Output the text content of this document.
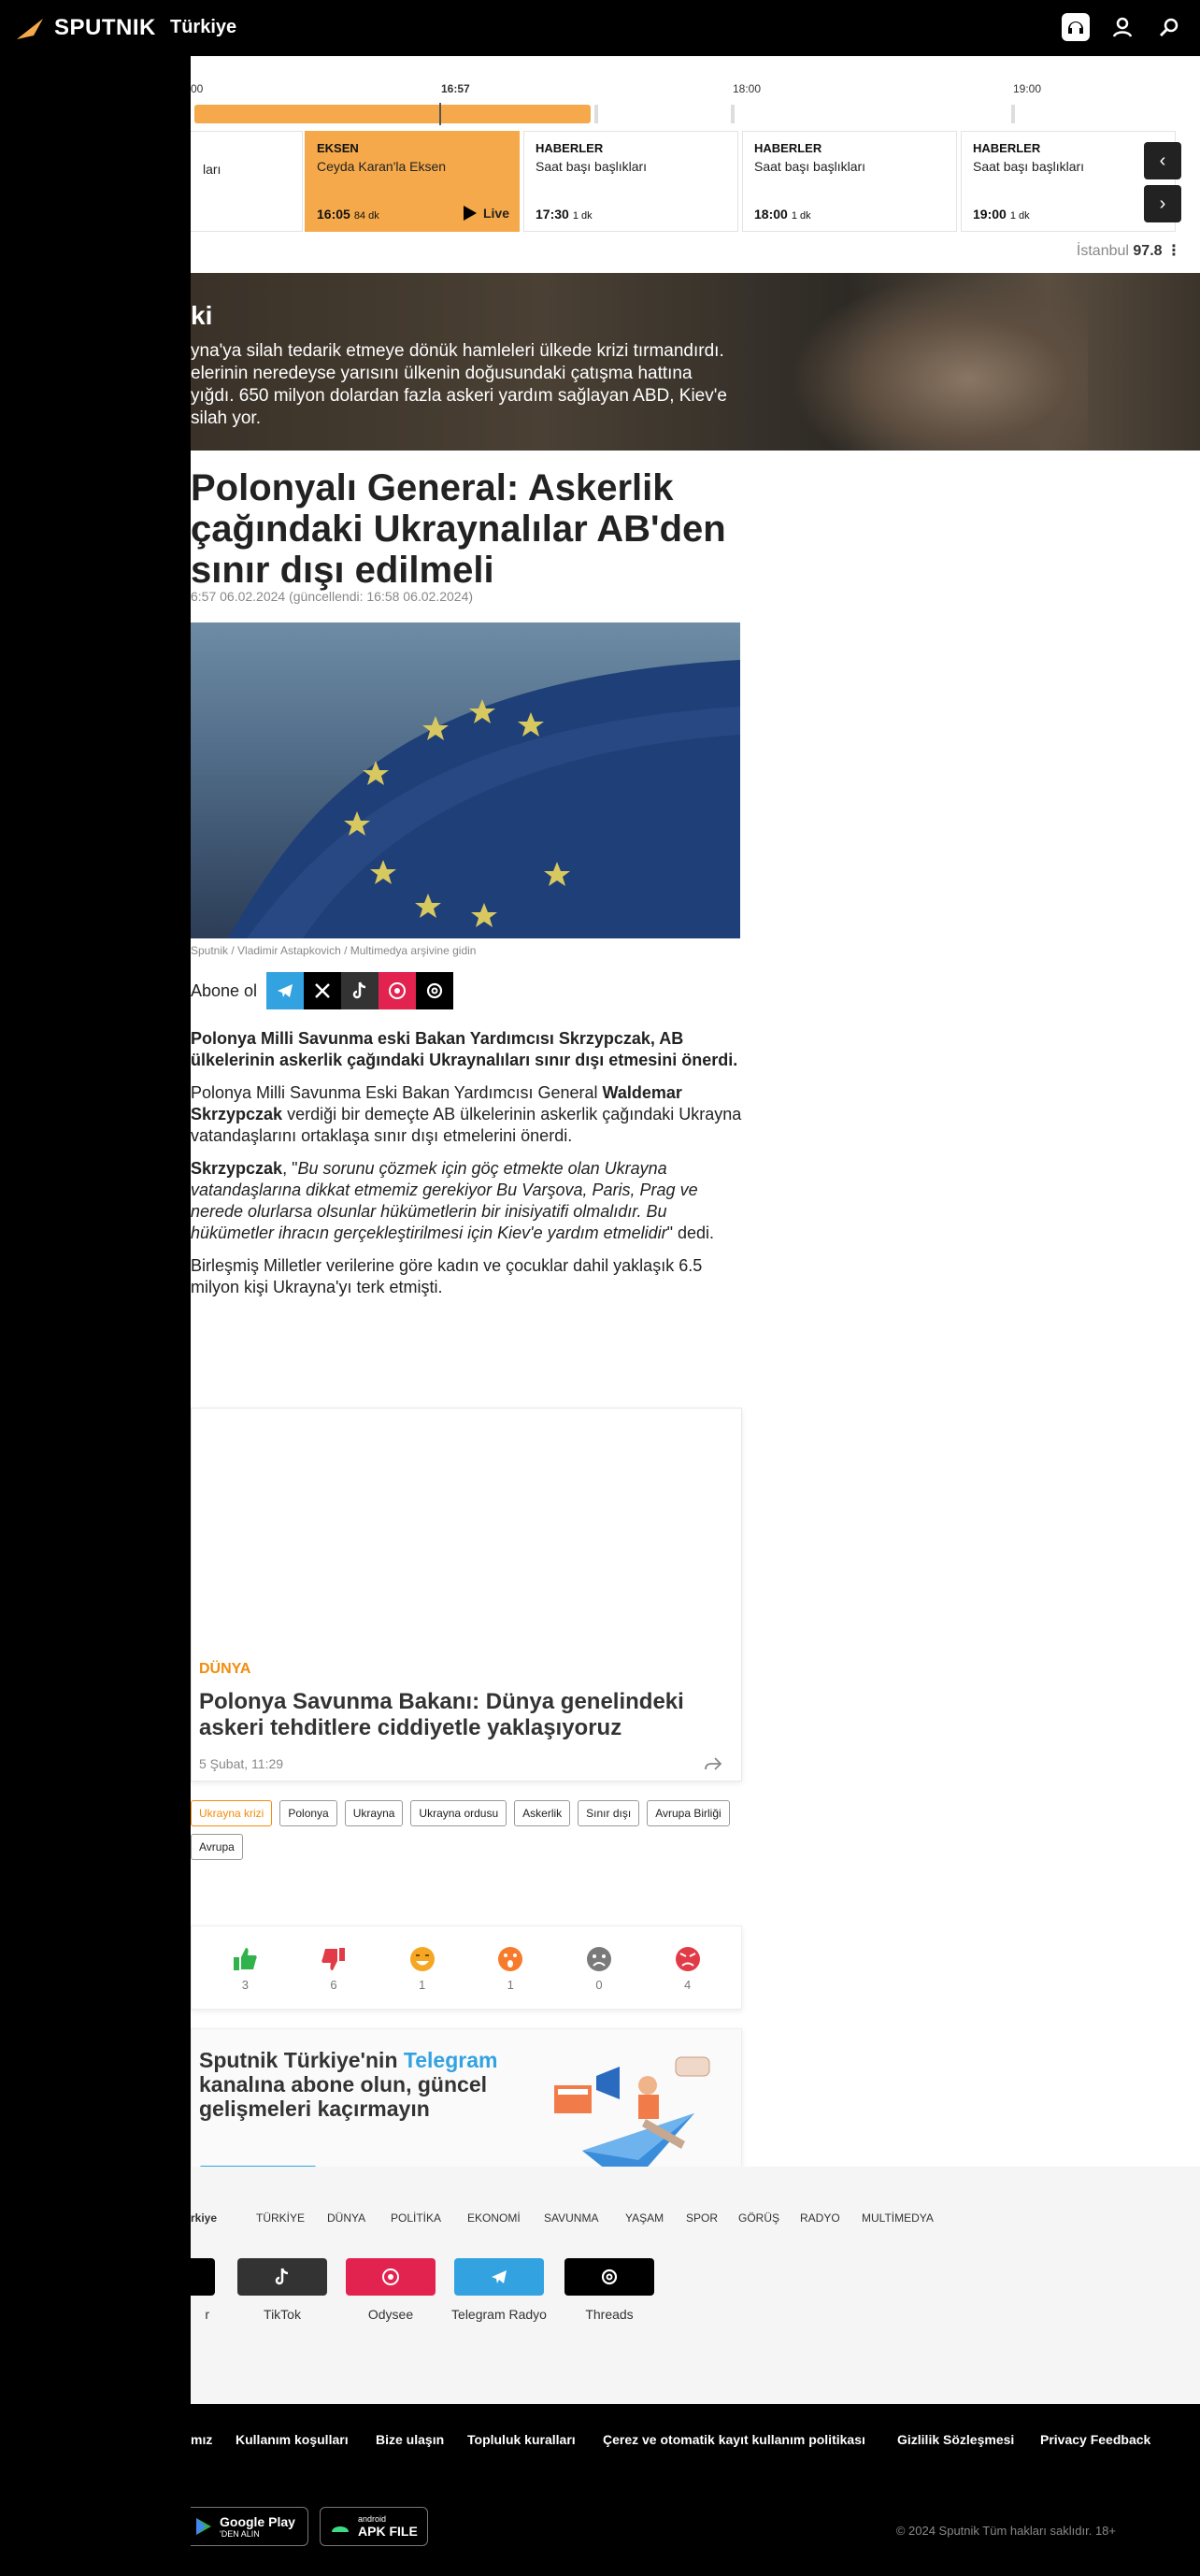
SPUTNIK Türkiye
00	16:57	18:00	19:00
ları
EKSEN
Ceyda Karan'la Eksen
16:05 84 dk	Live
HABERLER
Saat başı başlıkları
17:30 1 dk
HABERLER
Saat başı başlıkları
18:00 1 dk
HABERLER
Saat başı başlıkları
19:00 1 dk
‹
›
İstanbul 97.8 ⋮
ki

yna'ya silah tedarik etmeye dönük hamleleri ülkede krizi tırmandırdı. elerinin neredeyse yarısını ülkenin doğusundaki çatışma hattına yığdı. 650 milyon dolardan fazla askeri yardım sağlayan ABD, Kiev'e silah yor.

Polonyalı General: Askerlik çağındaki Ukraynalılar AB'den sınır dışı edilmeli
6:57 06.02.2024 (güncellendi: 16:58 06.02.2024)
Sputnik / Vladimir Astapkovich / Multimedya arşivine gidin
Abone ol

Polonya Milli Savunma eski Bakan Yardımcısı Skrzypczak, AB ülkelerinin askerlik çağındaki Ukraynalıları sınır dışı etmesini önerdi.

Polonya Milli Savunma Eski Bakan Yardımcısı General Waldemar Skrzypczak verdiği bir demeçte AB ülkelerinin askerlik çağındaki Ukrayna vatandaşlarını ortaklaşa sınır dışı etmelerini önerdi.

Skrzypczak, "Bu sorunu çözmek için göç etmekte olan Ukrayna vatandaşlarına dikkat etmemiz gerekiyor Bu Varşova, Paris, Prag ve nerede olurlarsa olsunlar hükümetlerin bir inisiyatifi olmalıdır. Bu hükümetler ihracın gerçekleştirilmesi için Kiev'e yardım etmelidir" dedi.

Birleşmiş Milletler verilerine göre kadın ve çocuklar dahil yaklaşık 6.5 milyon kişi Ukrayna'yı terk etmişti.

DÜNYA
Polonya Savunma Bakanı: Dünya genelindeki askeri tehditlere ciddiyetle yaklaşıyoruz
5 Şubat, 11:29
Ukrayna krizi	Polonya	Ukrayna	Ukrayna ordusu	Askerlik	Sınır dışı	Avrupa Birliği
Avrupa
3	6	1	1	0	4
Sputnik Türkiye'nin Telegram kanalına abone olun, güncel gelişmeleri kaçırmayın
rkiye	TÜRKİYE DÜNYA POLİTİKA EKONOMİ SAVUNMA YAŞAM SPOR GÖRÜŞ RADYO MULTİMEDYA
r	TikTok	Odysee	Telegram Radyo	Threads
mız Kullanım koşulları Bize ulaşın Topluluk kuralları Çerez ve otomatik kayıt kullanım politikası Gizlilik Sözleşmesi Privacy Feedback
Google Play
'DEN ALIN
android
APK FILE	© 2024 Sputnik Tüm hakları saklıdır. 18+
